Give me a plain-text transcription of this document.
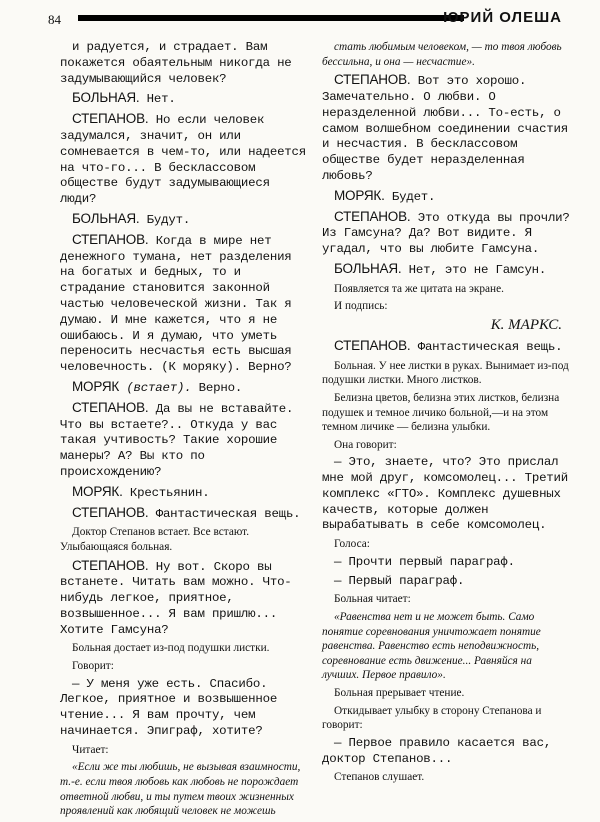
84	ЮРИЙ ОЛЕША

и радуется, и страдает. Вам покажется обаятельным никогда не задумывающийся человек?

БОЛЬНАЯ. Нет.

СТЕПАНОВ. Но если человек задумался, значит, он или сомневается в чем-то, или надеется на что-го... В бесклассовом обществе будут задумывающиеся люди?

БОЛЬНАЯ. Будут.

СТЕПАНОВ. Когда в мире нет денежного тумана, нет разделения на богатых и бедных, то и страдание становится законной частью человеческой жизни. Так я думаю. И мне кажется, что я не ошибаюсь. И я думаю, что уметь переносить несчастья есть высшая человечность. (К моряку). Верно?

МОРЯК (встает). Верно.

СТЕПАНОВ. Да вы не вставайте. Что вы встаете?.. Откуда у вас такая учтивость? Такие хорошие манеры? А? Вы кто по происхождению?

МОРЯК. Крестьянин.

СТЕПАНОВ. Фантастическая вещь.

Доктор Степанов встает. Все встают. Улыбающаяся больная.

СТЕПАНОВ. Ну вот. Скоро вы встанете. Читать вам можно. Что-нибудь легкое, приятное, возвышенное... Я вам пришлю... Хотите Гамсуна?

Больная достает из-под подушки листки.

Говорит:

— У меня уже есть. Спасибо. Легкое, приятное и возвышенное чтение... Я вам прочту, чем начинается. Эпиграф, хотите?

Читает:

«Если же ты любишь, не вызывая взаимности, т.-е. если твоя любовь как любовь не порождает ответной любви, и ты путем твоих жизненных проявлений как любящий человек не можешь

стать любимым человеком, — то твоя любовь бессильна, и она — несчастие».

СТЕПАНОВ. Вот это хорошо. Замечательно. О любви. О неразделенной любви... То-есть, о самом волшебном соединении счастия и несчастия. В бесклассовом обществе будет неразделенная любовь?

МОРЯК. Будет.

СТЕПАНОВ. Это откуда вы прочли? Из Гамсуна? Да? Вот видите. Я угадал, что вы любите Гамсуна.

БОЛЬНАЯ. Нет, это не Гамсун.

Появляется та же цитата на экране.

И подпись:

К. МАРКС.

СТЕПАНОВ. Фантастическая вещь.

Больная. У нее листки в руках. Вынимает из-под подушки листки. Много листков.

Белизна цветов, белизна этих листков, белизна подушек и темное личико больной,—и на этом темном личике — белизна улыбки.

Она говорит:

— Это, знаете, что? Это прислал мне мой друг, комсомолец... Третий комплекс «ГТО». Комплекс душевных качеств, которые должен вырабатывать в себе комсомолец.

Голоса:

— Прочти первый параграф.

— Первый параграф.

Больная читает:

«Равенства нет и не может быть. Само понятие соревнования уничтожает понятие равенства. Равенство есть неподвижность, соревнование есть движение... Равняйся на лучших. Первое правило».

Больная прерывает чтение.

Откидывает улыбку в сторону Степанова и говорит:

— Первое правило касается вас, доктор Степанов...

Степанов слушает.
